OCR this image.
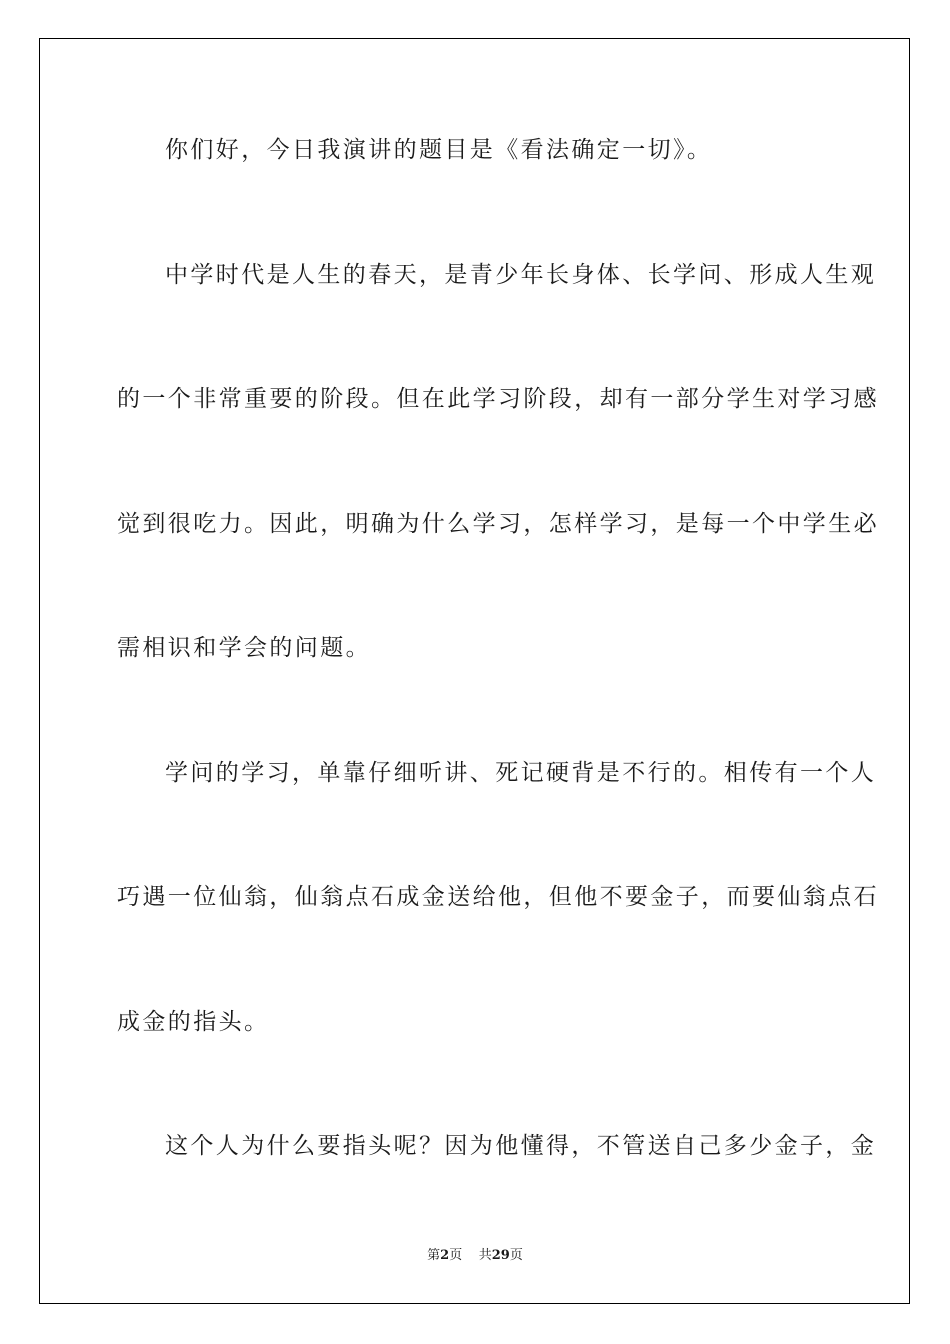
你们好，今日我演讲的题目是《看法确定一切》。
中学时代是人生的春天，是青少年长身体、长学问、形成人生观
的一个非常重要的阶段。但在此学习阶段，却有一部分学生对学习感
觉到很吃力。因此，明确为什么学习，怎样学习，是每一个中学生必
需相识和学会的问题。
学问的学习，单靠仔细听讲、死记硬背是不行的。相传有一个人
巧遇一位仙翁，仙翁点石成金送给他，但他不要金子，而要仙翁点石
成金的指头。
这个人为什么要指头呢？因为他懂得，不管送自己多少金子，金
第2页 共29页
